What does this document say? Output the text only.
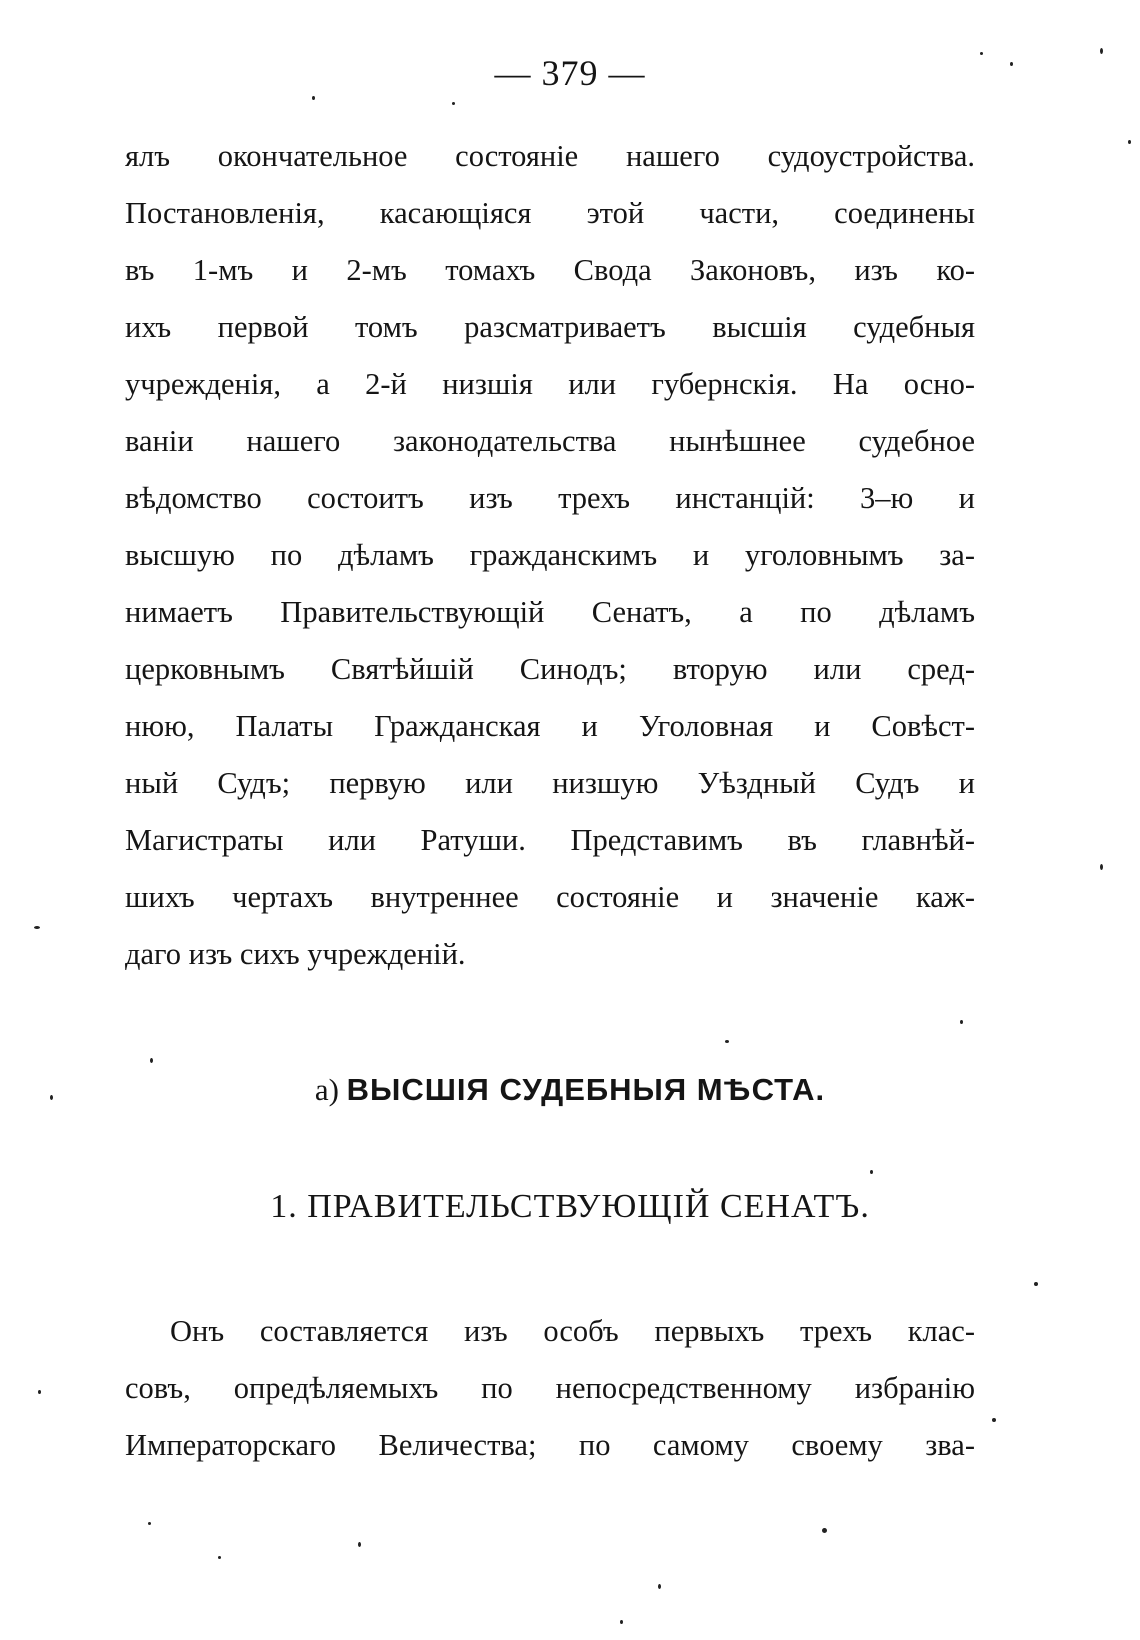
— 379 —
ялъ окончательное состояніе нашего судоустройства.
Постановленія, касающіяся этой части, соединены
въ 1-мъ и 2-мъ томахъ Свода Законовъ, изъ ко-
ихъ первой томъ разсматриваетъ высшія судебныя
учрежденія, а 2-й низшія или губернскія. На осно-
ваніи нашего законодательства нынѣшнее судебное
вѣдомство состоитъ изъ трехъ инстанцій: 3–ю и
высшую по дѣламъ гражданскимъ и уголовнымъ за-
нимаетъ Правительствующій Сенатъ, а по дѣламъ
церковнымъ Святѣйшій Синодъ; вторую или сред-
нюю, Палаты Гражданская и Уголовная и Совѣст-
ный Судъ; первую или низшую Уѣздный Судъ и
Магистраты или Ратуши. Представимъ въ главнѣй-
шихъ чертахъ внутреннее состояніе и значеніе каж-
даго изъ сихъ учрежденій.
а) ВЫСШІЯ СУДЕБНЫЯ МѢСТА.
1. ПРАВИТЕЛЬСТВУЮЩІЙ СЕНАТЪ.
Онъ составляется изъ особъ первыхъ трехъ клас-
совъ, опредѣляемыхъ по непосредственному избранію
Императорскаго Величества; по самому своему зва-
